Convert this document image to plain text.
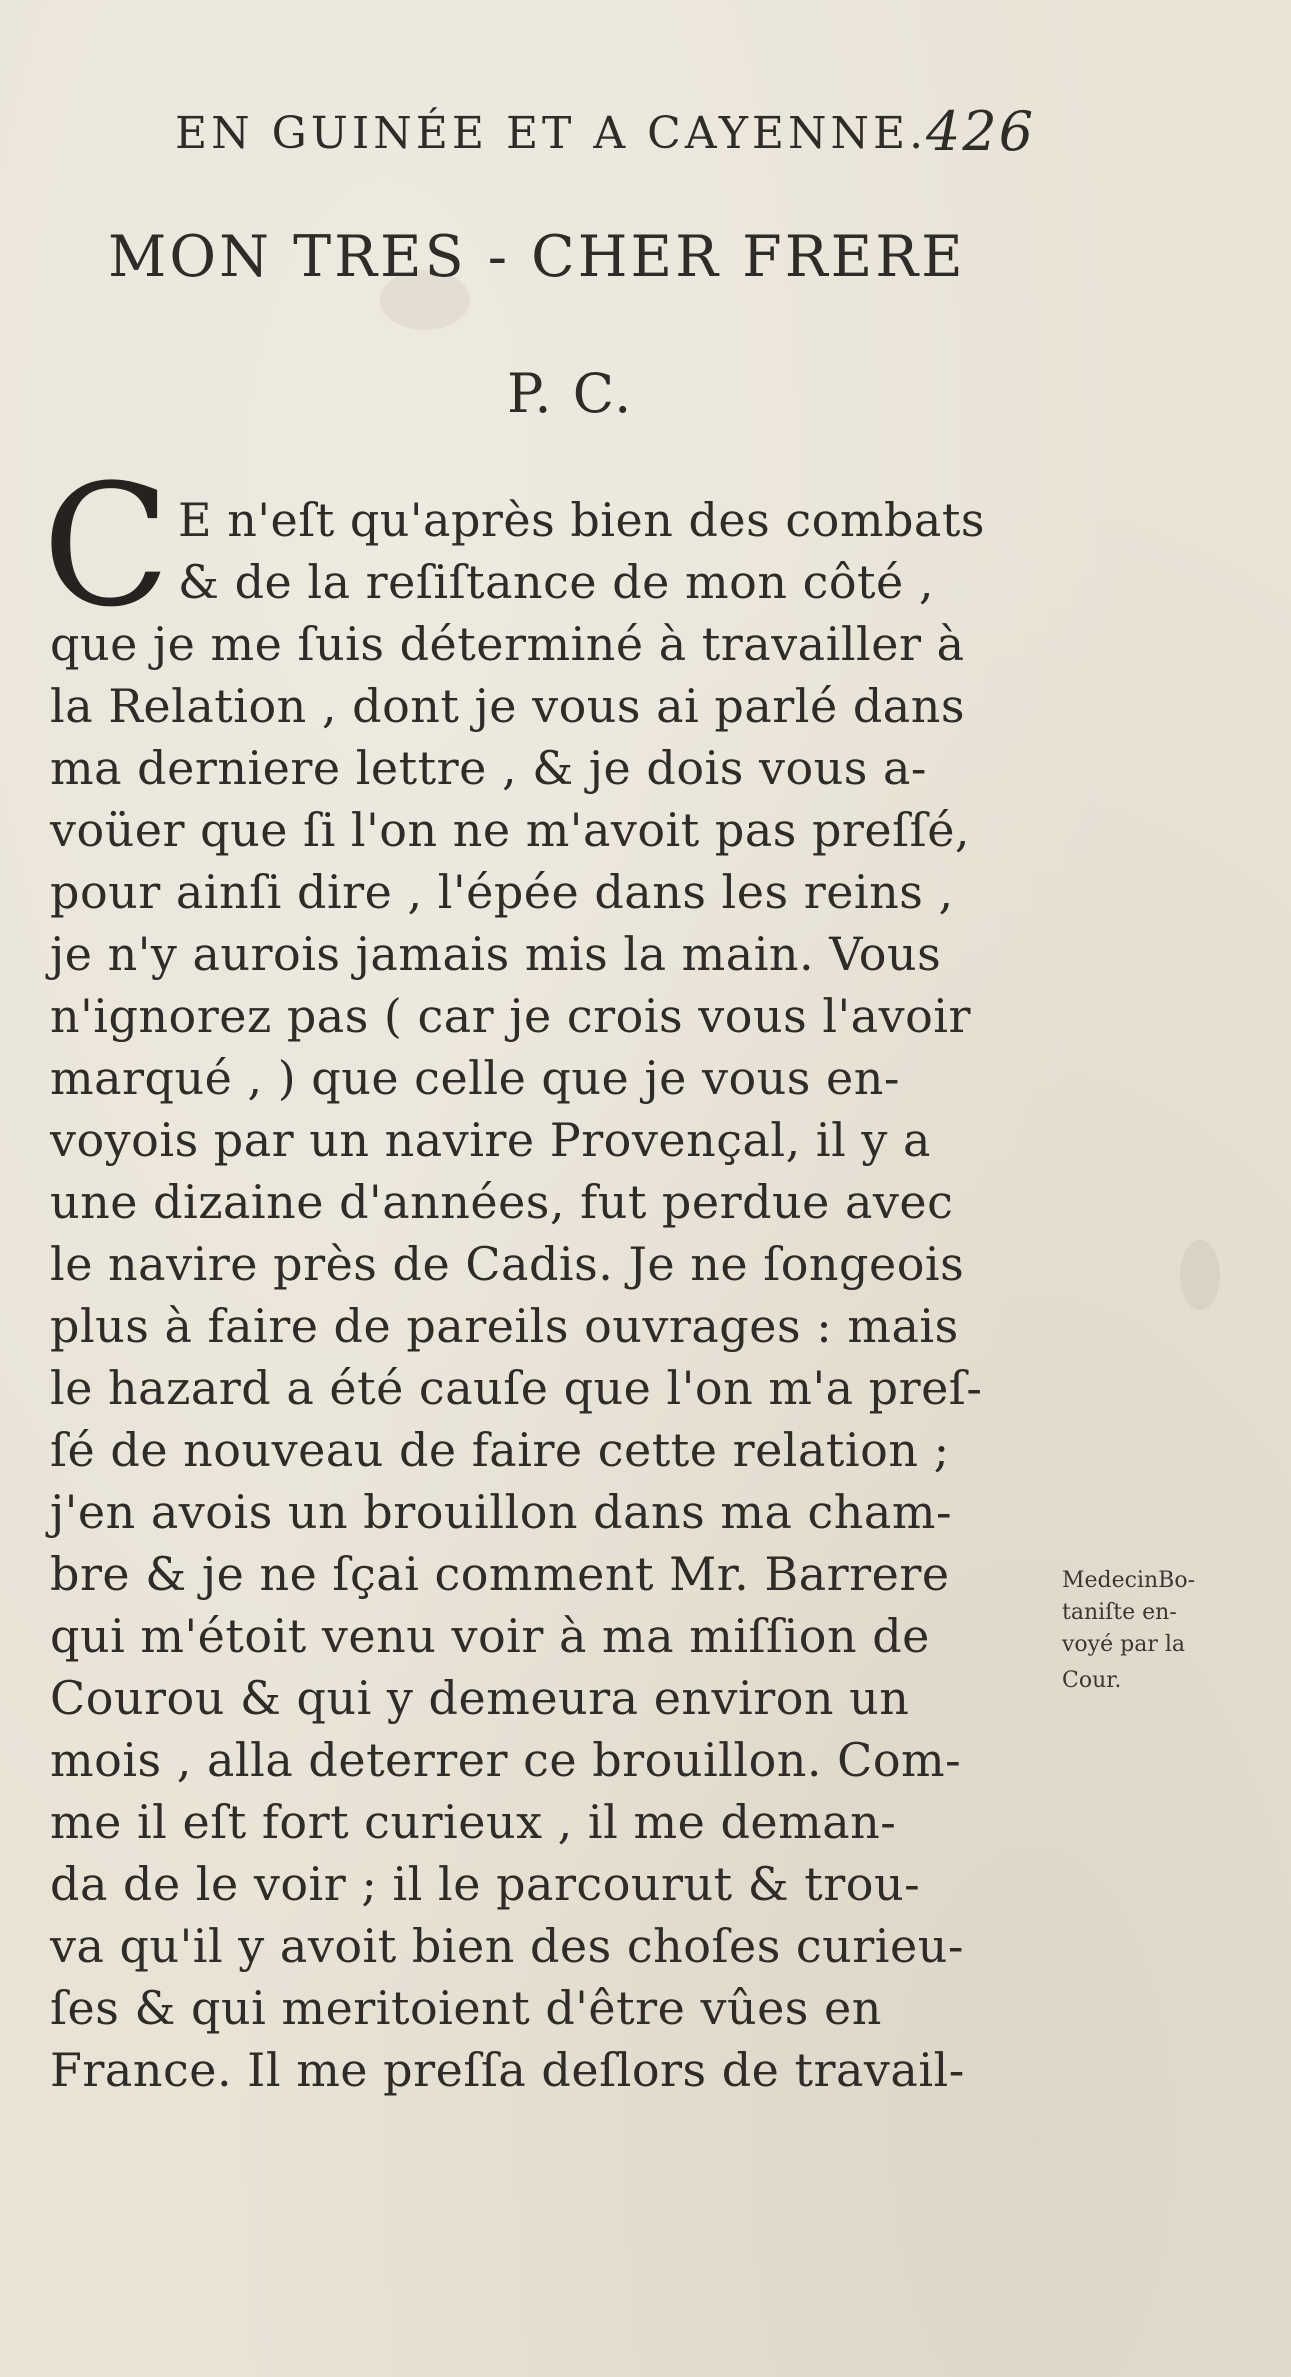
EN GUINÉE ET A CAYENNE.
426
MON TRES - CHER FRERE
P. C.
C E n'eſt qu'après bien des combats
& de la reſiſtance de mon côté ,
que je me ſuis déterminé à travailler à
la Relation , dont je vous ai parlé dans
ma derniere lettre , & je dois vous a-
voüer que ſi l'on ne m'avoit pas preſſé,
pour ainſi dire , l'épée dans les reins ,
je n'y aurois jamais mis la main. Vous
n'ignorez pas ( car je crois vous l'avoir
marqué , ) que celle que je vous en-
voyois par un navire Provençal, il y a
une dizaine d'années, fut perdue avec
le navire près de Cadis. Je ne ſongeois
plus à faire de pareils ouvrages : mais
le hazard a été cauſe que l'on m'a preſ-
ſé de nouveau de faire cette relation ;
j'en avois un brouillon dans ma cham-
bre & je ne ſçai comment Mr. Barrere
qui m'étoit venu voir à ma miſſion de
Courou & qui y demeura environ un
mois , alla deterrer ce brouillon. Com-
me il eſt fort curieux , il me deman-
da de le voir ; il le parcourut & trou-
va qu'il y avoit bien des choſes curieu-
ſes & qui meritoient d'être vûes en
France. Il me preſſa deſlors de travail-
MedecinBo-
taniſte en-
voyé par la
Cour.
